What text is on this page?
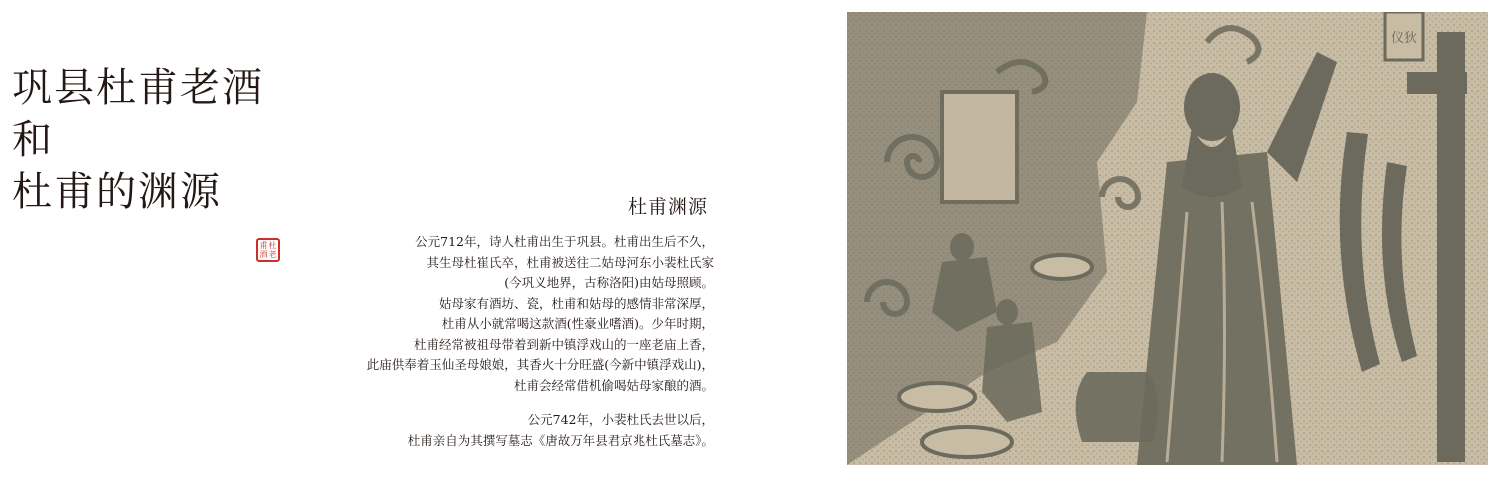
巩县杜甫老酒
和
杜甫的渊源
甫 杜
酒 老
杜甫渊源
公元712年，诗人杜甫出生于巩县。杜甫出生后不久，
其生母杜崔氏卒，杜甫被送往二姑母河东小裴杜氏家
(今巩义地界，古称洛阳)由姑母照顾。
姑母家有酒坊、瓷，杜甫和姑母的感情非常深厚，
杜甫从小就常喝这款酒(性豪业嗜酒)。少年时期，
杜甫经常被祖母带着到新中镇浮戏山的一座老庙上香，
此庙供奉着玉仙圣母娘娘，其香火十分旺盛(今新中镇浮戏山)，
杜甫会经常借机偷喝姑母家酿的酒。
公元742年，小裴杜氏去世以后，
杜甫亲自为其撰写墓志《唐故万年县君京兆杜氏墓志》。
仪狄
